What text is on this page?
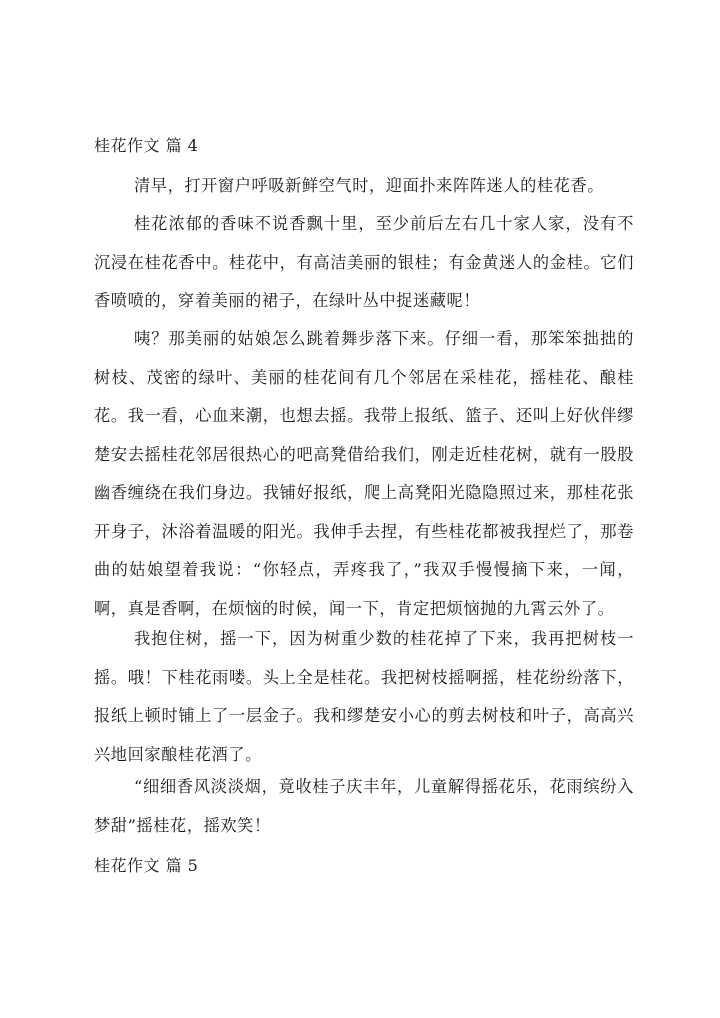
桂花作文 篇 4
清早，打开窗户呼吸新鲜空气时，迎面扑来阵阵迷人的桂花香。
桂花浓郁的香味不说香飘十里，至少前后左右几十家人家，没有不沉浸在桂花香中。桂花中，有高洁美丽的银桂；有金黄迷人的金桂。它们香喷喷的，穿着美丽的裙子，在绿叶丛中捉迷藏呢！
咦？那美丽的姑娘怎么跳着舞步落下来。仔细一看，那笨笨拙拙的树枝、茂密的绿叶、美丽的桂花间有几个邻居在采桂花，摇桂花、酿桂花。我一看，心血来潮，也想去摇。我带上报纸、篮子、还叫上好伙伴缪楚安去摇桂花邻居很热心的吧高凳借给我们，刚走近桂花树，就有一股股幽香缠绕在我们身边。我铺好报纸，爬上高凳阳光隐隐照过来，那桂花张开身子，沐浴着温暖的阳光。我伸手去捏，有些桂花都被我捏烂了，那卷曲的姑娘望着我说：“你轻点，弄疼我了，”我双手慢慢摘下来，一闻，啊，真是香啊，在烦恼的时候，闻一下，肯定把烦恼抛的九霄云外了。
我抱住树，摇一下，因为树重少数的桂花掉了下来，我再把树枝一摇。哦！下桂花雨喽。头上全是桂花。我把树枝摇啊摇，桂花纷纷落下，报纸上顿时铺上了一层金子。我和缪楚安小心的剪去树枝和叶子，高高兴兴地回家酿桂花酒了。
“细细香风淡淡烟，竟收桂子庆丰年，儿童解得摇花乐，花雨缤纷入梦甜”摇桂花，摇欢笑！
桂花作文 篇 5
